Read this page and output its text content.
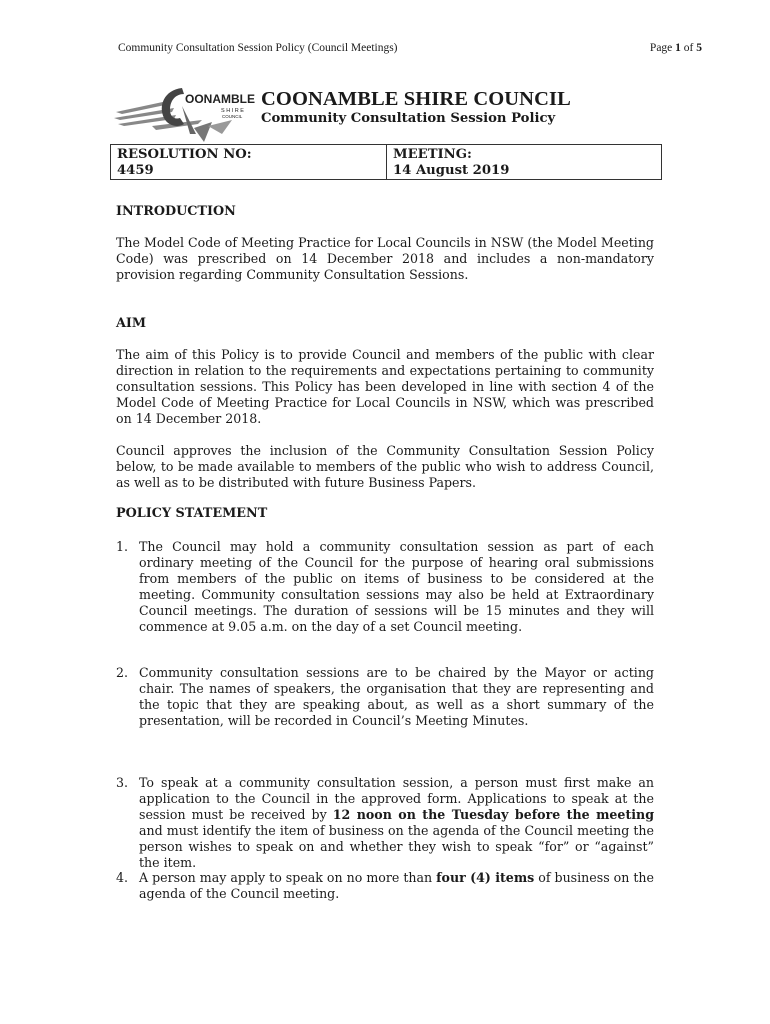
Community Consultation Session Policy (Council Meetings)	Page 1 of 5
OONAMBLE
S H I R E
COUNCIL
COONAMBLE SHIRE COUNCIL
Community Consultation Session Policy
RESOLUTION NO:
4459
MEETING:
14 August 2019
INTRODUCTION

The Model Code of Meeting Practice for Local Councils in NSW (the Model Meeting Code) was prescribed on 14 December 2018 and includes a non-mandatory provision regarding Community Consultation Sessions.

AIM

The aim of this Policy is to provide Council and members of the public with clear direction in relation to the requirements and expectations pertaining to community consultation sessions. This Policy has been developed in line with section 4 of the Model Code of Meeting Practice for Local Councils in NSW, which was prescribed on 14 December 2018.

Council approves the inclusion of the Community Consultation Session Policy below, to be made available to members of the public who wish to address Council, as well as to be distributed with future Business Papers.

POLICY STATEMENT
1. The Council may hold a community consultation session as part of each ordinary meeting of the Council for the purpose of hearing oral submissions from members of the public on items of business to be considered at the meeting. Community consultation sessions may also be held at Extraordinary Council meetings. The duration of sessions will be 15 minutes and they will commence at 9.05 a.m. on the day of a set Council meeting.
2. Community consultation sessions are to be chaired by the Mayor or acting chair. The names of speakers, the organisation that they are representing and the topic that they are speaking about, as well as a short summary of the presentation, will be recorded in Council’s Meeting Minutes.
3. To speak at a community consultation session, a person must first make an application to the Council in the approved form. Applications to speak at the session must be received by 12 noon on the Tuesday before the meeting and must identify the item of business on the agenda of the Council meeting the person wishes to speak on and whether they wish to speak “for” or “against” the item.
4. A person may apply to speak on no more than four (4) items of business on the agenda of the Council meeting.
